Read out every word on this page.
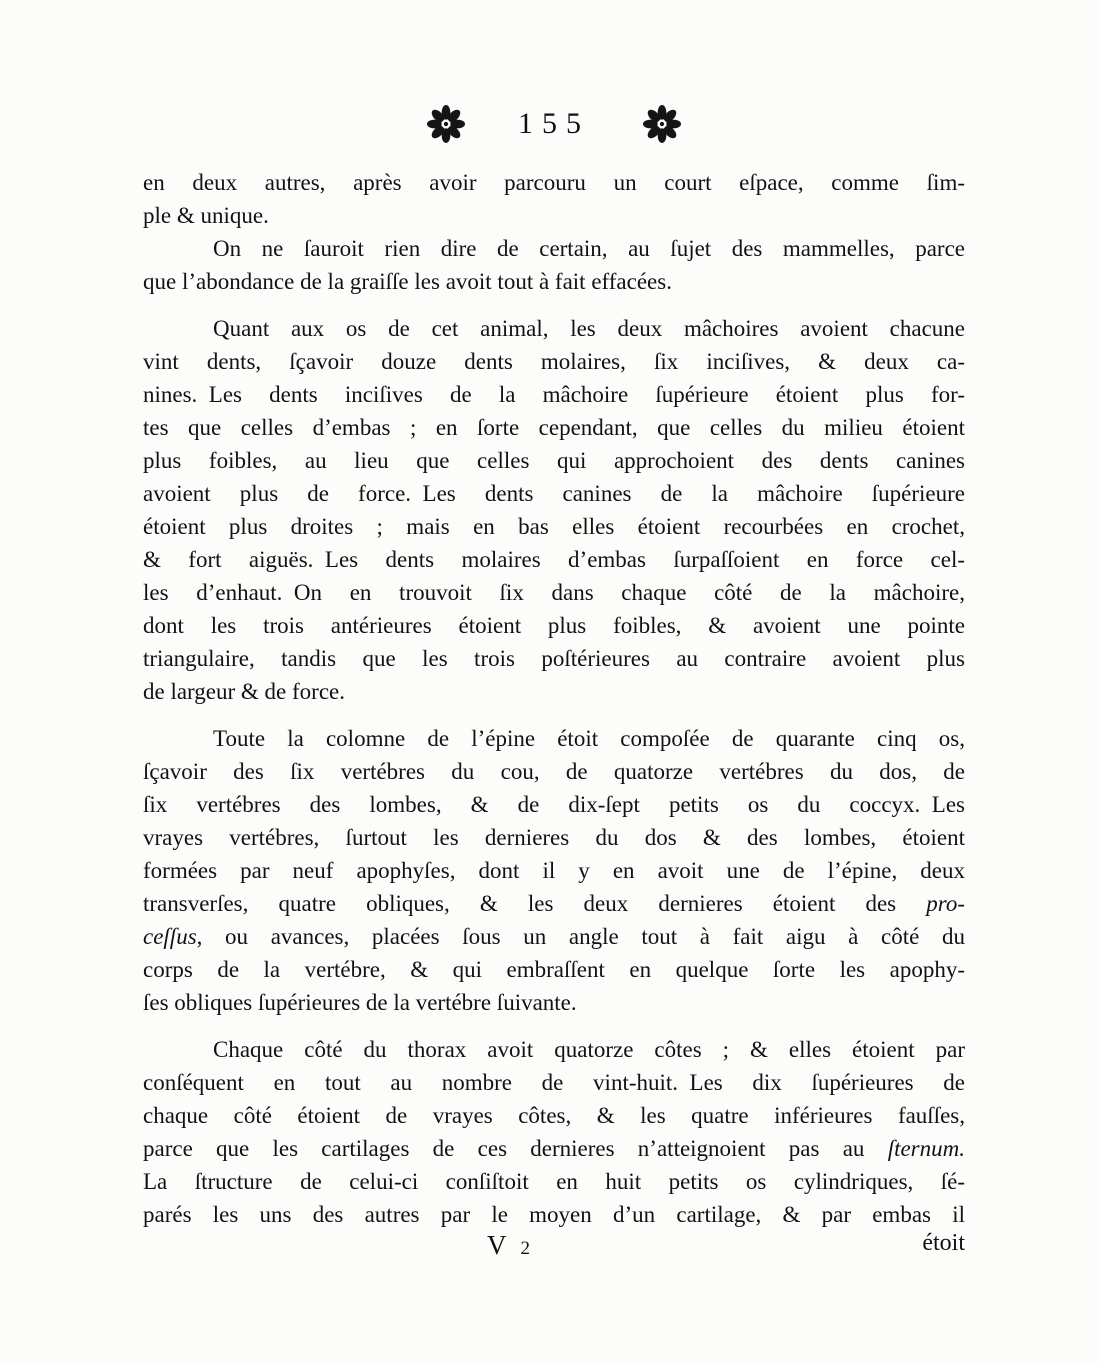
155
en deux autres, après avoir parcouru un court eſpace, comme ſim-
ple & unique.
On ne ſauroit rien dire de certain, au ſujet des mammelles, parce
que l’abondance de la graiſſe les avoit tout à fait effacées.
Quant aux os de cet animal, les deux mâchoires avoient chacune
vint dents, ſçavoir douze dents molaires, ſix inciſives, & deux ca-
nines. Les dents inciſives de la mâchoire ſupérieure étoient plus for-
tes que celles d’embas ; en ſorte cependant, que celles du milieu étoient
plus foibles, au lieu que celles qui approchoient des dents canines
avoient plus de force. Les dents canines de la mâchoire ſupérieure
étoient plus droites ; mais en bas elles étoient recourbées en crochet,
& fort aiguës. Les dents molaires d’embas ſurpaſſoient en force cel-
les d’enhaut. On en trouvoit ſix dans chaque côté de la mâchoire,
dont les trois antérieures étoient plus foibles, & avoient une pointe
triangulaire, tandis que les trois poſtérieures au contraire avoient plus
de largeur & de force.
Toute la colomne de l’épine étoit compoſée de quarante cinq os,
ſçavoir des ſix vertébres du cou, de quatorze vertébres du dos, de
ſix vertébres des lombes, & de dix-ſept petits os du coccyx. Les
vrayes vertébres, ſurtout les dernieres du dos & des lombes, étoient
formées par neuf apophyſes, dont il y en avoit une de l’épine, deux
transverſes, quatre obliques, & les deux dernieres étoient des pro-
ceſſus, ou avances, placées ſous un angle tout à fait aigu à côté du
corps de la vertébre, & qui embraſſent en quelque ſorte les apophy-
ſes obliques ſupérieures de la vertébre ſuivante.
Chaque côté du thorax avoit quatorze côtes ; & elles étoient par
conſéquent en tout au nombre de vint-huit. Les dix ſupérieures de
chaque côté étoient de vrayes côtes, & les quatre inférieures fauſſes,
parce que les cartilages de ces dernieres n’atteignoient pas au ſternum.
La ſtructure de celui-ci conſiſtoit en huit petits os cylindriques, ſé-
parés les uns des autres par le moyen d’un cartilage, & par embas il
V 2	étoit
